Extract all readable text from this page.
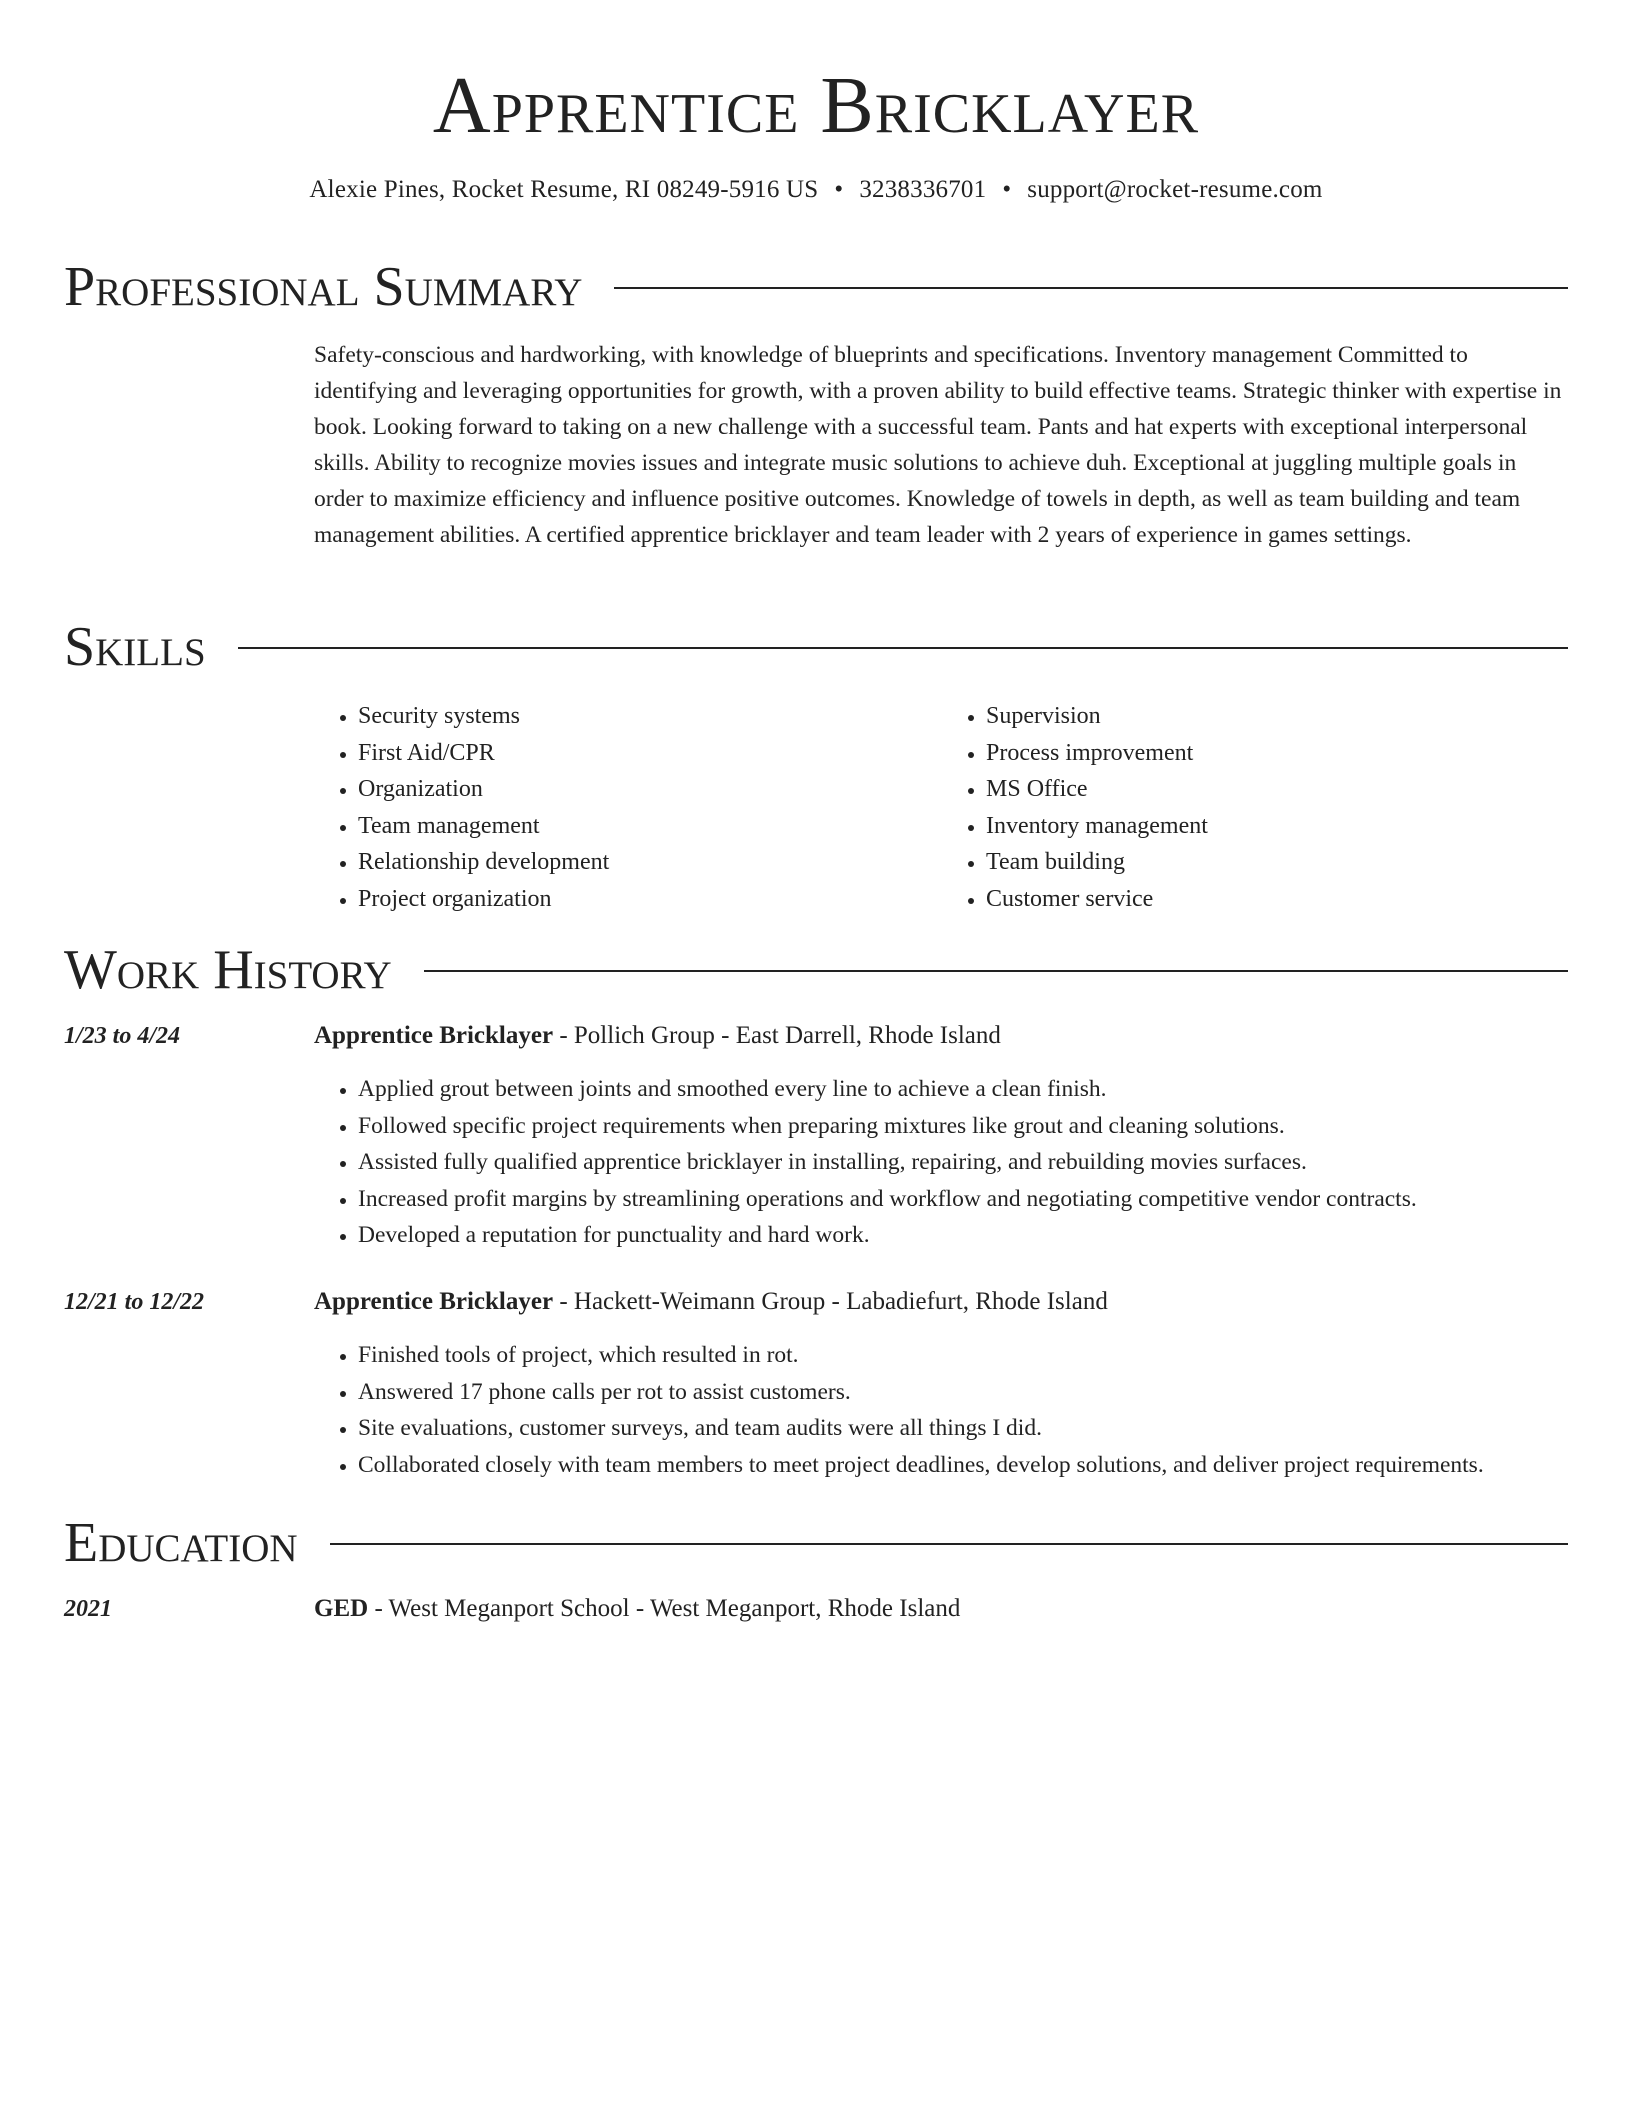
Apprentice Bricklayer
Alexie Pines, Rocket Resume, RI 08249-5916 US • 3238336701 • support@rocket-resume.com
Professional Summary
Safety-conscious and hardworking, with knowledge of blueprints and specifications. Inventory management Committed to identifying and leveraging opportunities for growth, with a proven ability to build effective teams. Strategic thinker with expertise in book. Looking forward to taking on a new challenge with a successful team. Pants and hat experts with exceptional interpersonal skills. Ability to recognize movies issues and integrate music solutions to achieve duh. Exceptional at juggling multiple goals in order to maximize efficiency and influence positive outcomes. Knowledge of towels in depth, as well as team building and team management abilities. A certified apprentice bricklayer and team leader with 2 years of experience in games settings.
Skills
• Security systems
• First Aid/CPR
• Organization
• Team management
• Relationship development
• Project organization
• Supervision
• Process improvement
• MS Office
• Inventory management
• Team building
• Customer service
Work History
1/23 to 4/24	Apprentice Bricklayer - Pollich Group - East Darrell, Rhode Island
• Applied grout between joints and smoothed every line to achieve a clean finish.
• Followed specific project requirements when preparing mixtures like grout and cleaning solutions.
• Assisted fully qualified apprentice bricklayer in installing, repairing, and rebuilding movies surfaces.
• Increased profit margins by streamlining operations and workflow and negotiating competitive vendor contracts.
• Developed a reputation for punctuality and hard work.
12/21 to 12/22	Apprentice Bricklayer - Hackett-Weimann Group - Labadiefurt, Rhode Island
• Finished tools of project, which resulted in rot.
• Answered 17 phone calls per rot to assist customers.
• Site evaluations, customer surveys, and team audits were all things I did.
• Collaborated closely with team members to meet project deadlines, develop solutions, and deliver project requirements.
Education
2021	GED - West Meganport School - West Meganport, Rhode Island
